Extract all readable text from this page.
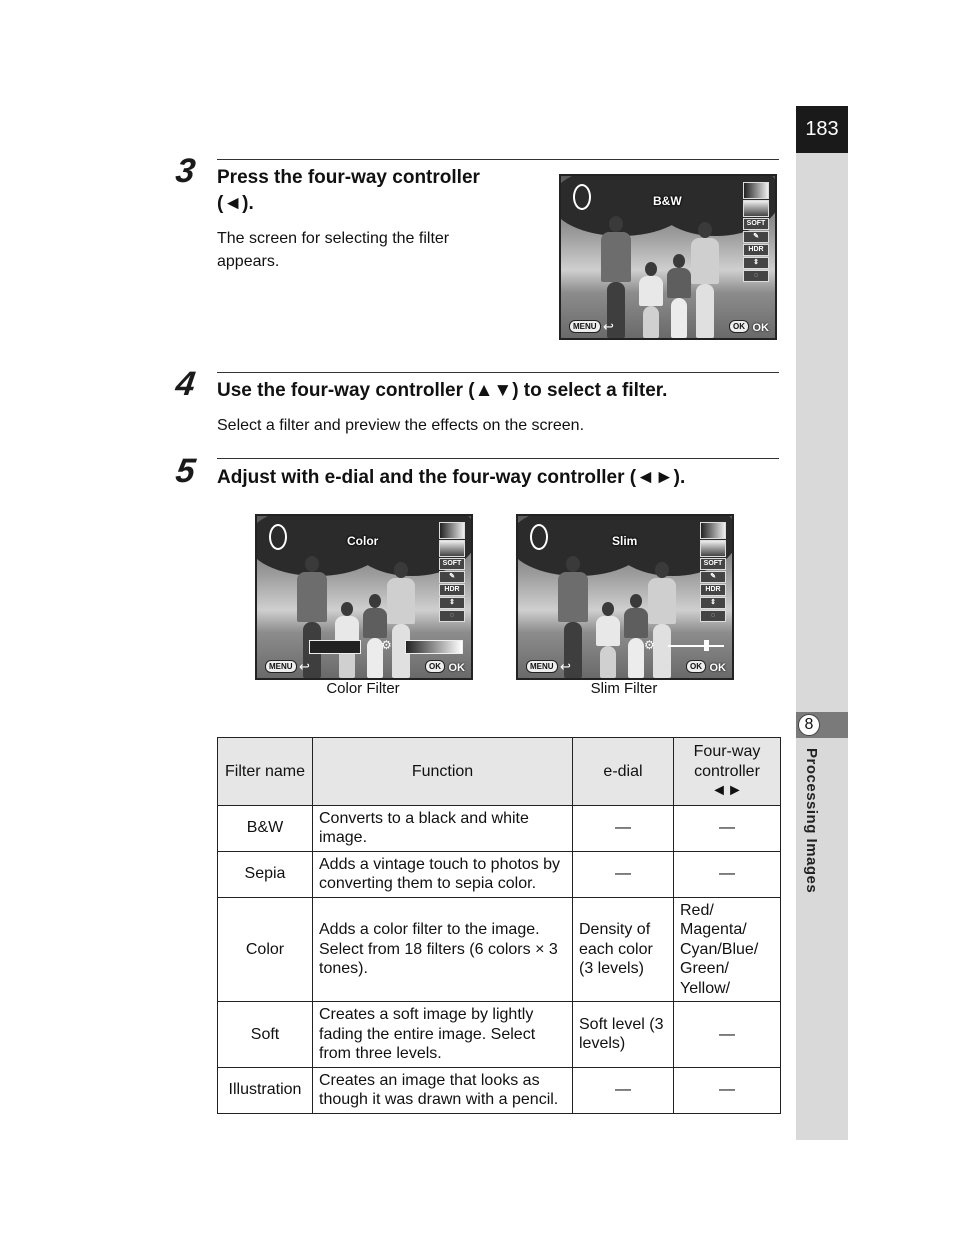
183
8
Processing Images
3 Press the four-way controller (◄).
The screen for selecting the filter appears.
B&W
SOFT
✎
HDR
⇕
◌
MENU ↩	OK OK
4 Use the four-way controller (▲▼) to select a filter.
Select a filter and preview the effects on the screen.
5 Adjust with e-dial and the four-way controller (◄►).
Color
SOFT
✎
HDR
⇕
◌
⚙
MENU ↩	OK OK
Color Filter
Slim
SOFT
✎
HDR
⇕
◌
⚙
MENU ↩	OK OK
Slim Filter
Filter name	Function	e-dial	Four-way controller ◄►
B&W	Converts to a black and white image.	—	—
Sepia	Adds a vintage touch to photos by converting them to sepia color.	—	—
Color	Adds a color filter to the image. Select from 18 filters (6 colors × 3 tones).	Density of each color (3 levels)	Red/ Magenta/ Cyan/Blue/ Green/ Yellow/
Soft	Creates a soft image by lightly fading the entire image. Select from three levels.	Soft level (3 levels)	—
Illustration	Creates an image that looks as though it was drawn with a pencil.	—	—
